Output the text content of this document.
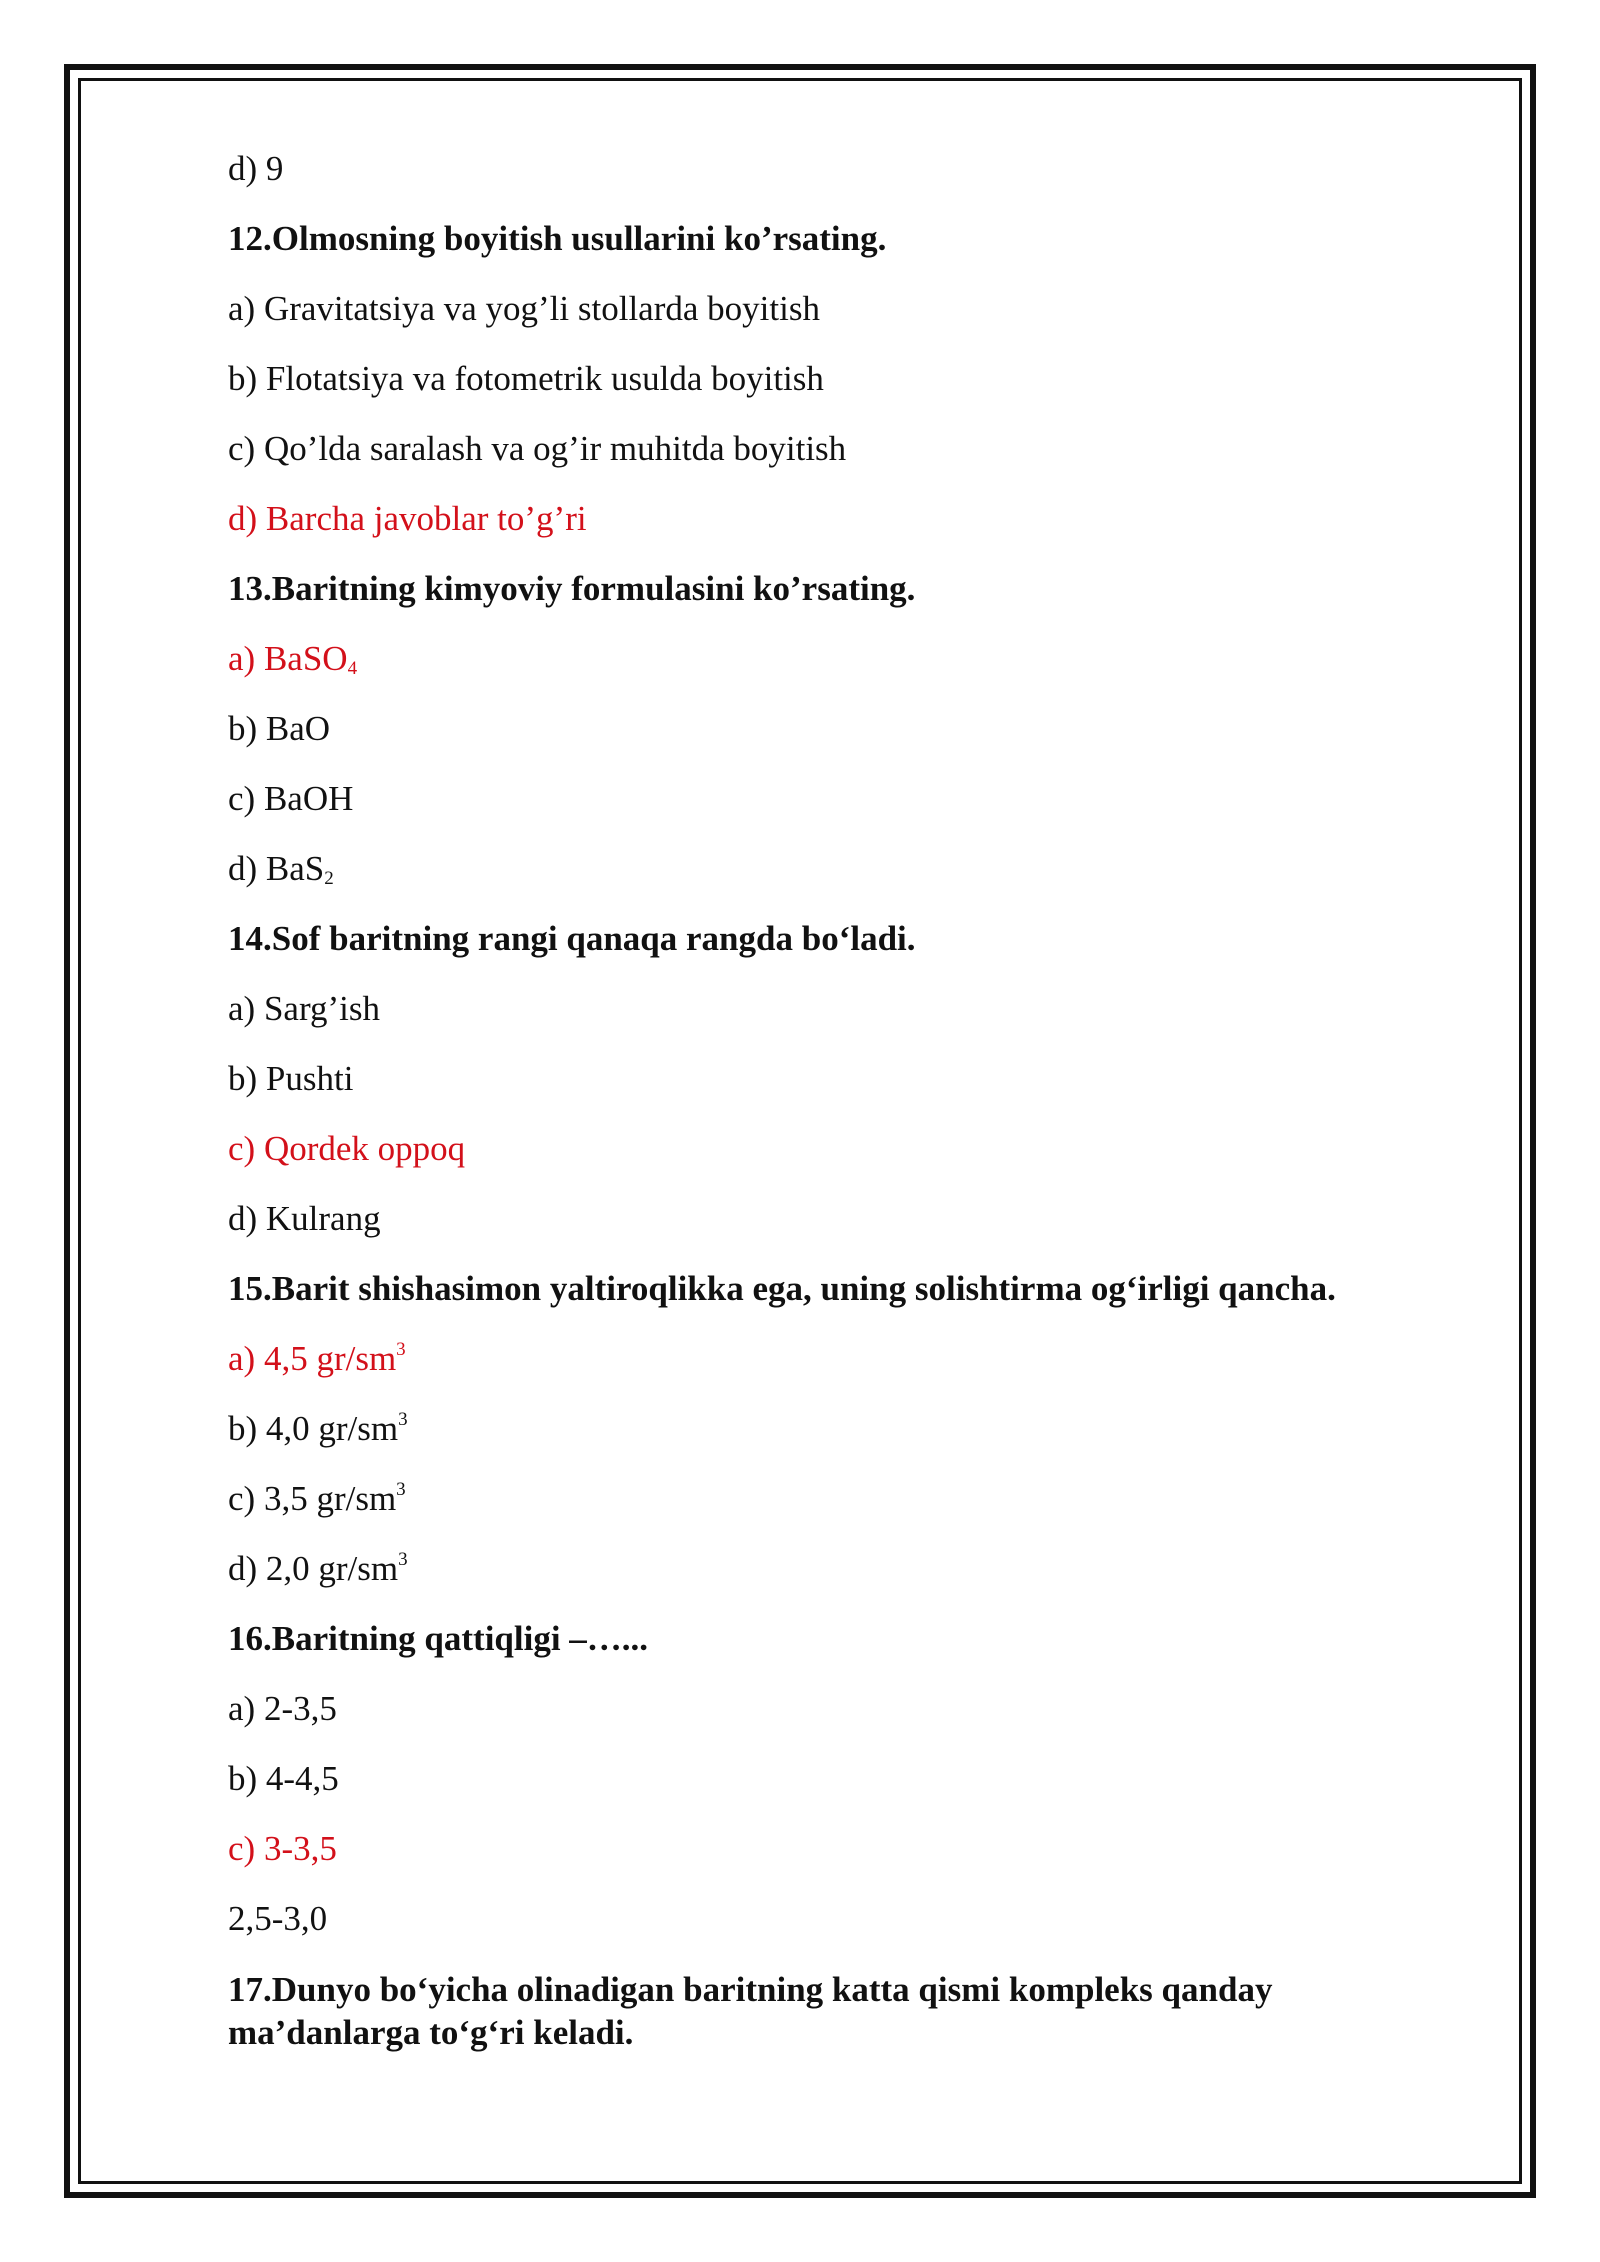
d) 9
12.Olmosning boyitish usullarini ko’rsating.
a) Gravitatsiya va yog’li stollarda boyitish
b) Flotatsiya va fotometrik usulda boyitish
c) Qo’lda saralash va og’ir muhitda boyitish
d) Barcha javoblar to’g’ri
13.Baritning kimyoviy formulasini ko’rsating.
a) BaSO$_4$
b) BaO
c) BaOH
d) BaS$_2$
14.Sof baritning rangi qanaqa rangda bo‘ladi.
a) Sarg’ish
b) Pushti
c) Qordek oppoq
d) Kulrang
15.Barit shishasimon yaltiroqlikka ega, uning solishtirma og‘irligi qancha.
a) 4,5 $gr/sm^3$
b) 4,0 $gr/sm^3$
c) 3,5 $gr/sm^3$
d) 2,0 $gr/sm^3$
16.Baritning qattiqligi –…...
a) 2-3,5
b) 4-4,5
c) 3-3,5
2,5-3,0
17.Dunyo bo‘yicha olinadigan baritning katta qismi kompleks qanday ma’danlarga to‘g‘ri keladi.
